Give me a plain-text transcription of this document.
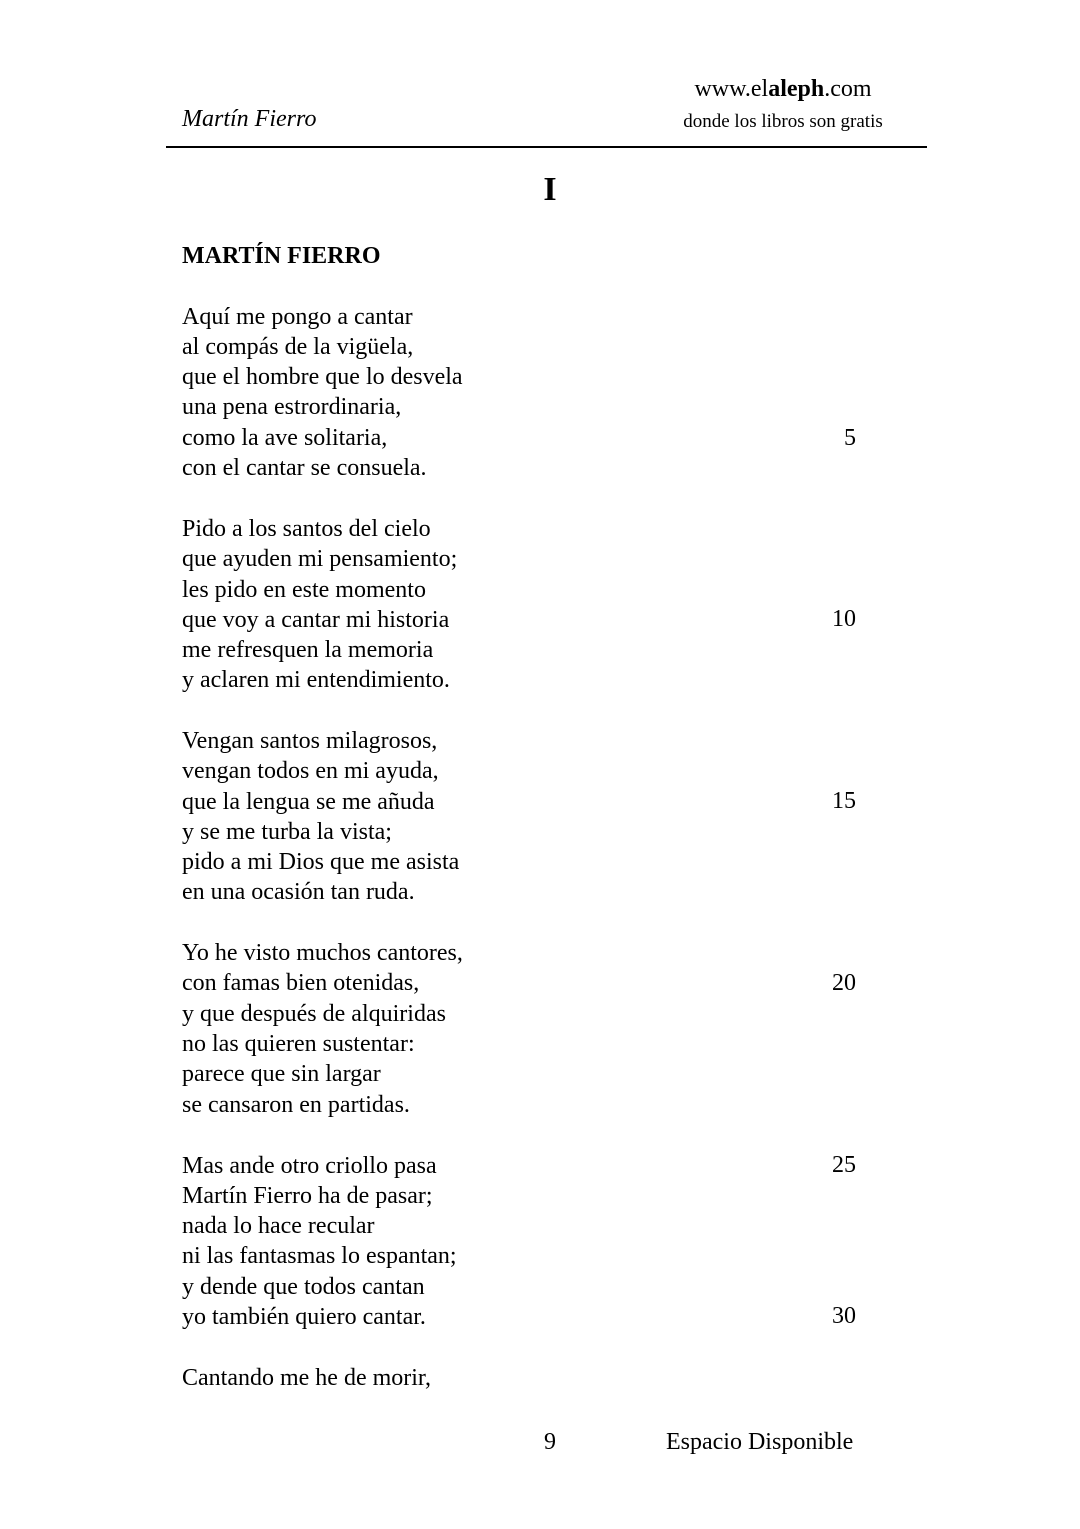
Martín Fierro
www.elaleph.com
donde los libros son gratis
I
MARTÍN FIERRO
Aquí me pongo a cantar
al compás de la vigüela,
que el hombre que lo desvela
una pena estrordinaria,
como la ave solitaria,
con el cantar se consuela.
Pido a los santos del cielo
que ayuden mi pensamiento;
les pido en este momento
que voy a cantar mi historia
me refresquen la memoria
y aclaren mi entendimiento.
Vengan santos milagrosos,
vengan todos en mi ayuda,
que la lengua se me añuda
y se me turba la vista;
pido a mi Dios que me asista
en una ocasión tan ruda.
Yo he visto muchos cantores,
con famas bien otenidas,
y que después de alquiridas
no las quieren sustentar:
parece que sin largar
se cansaron en partidas.
Mas ande otro criollo pasa
Martín Fierro ha de pasar;
nada lo hace recular
ni las fantasmas lo espantan;
y dende que todos cantan
yo también quiero cantar.
Cantando me he de morir,
5
10
15
20
25
30
9	Espacio Disponible
